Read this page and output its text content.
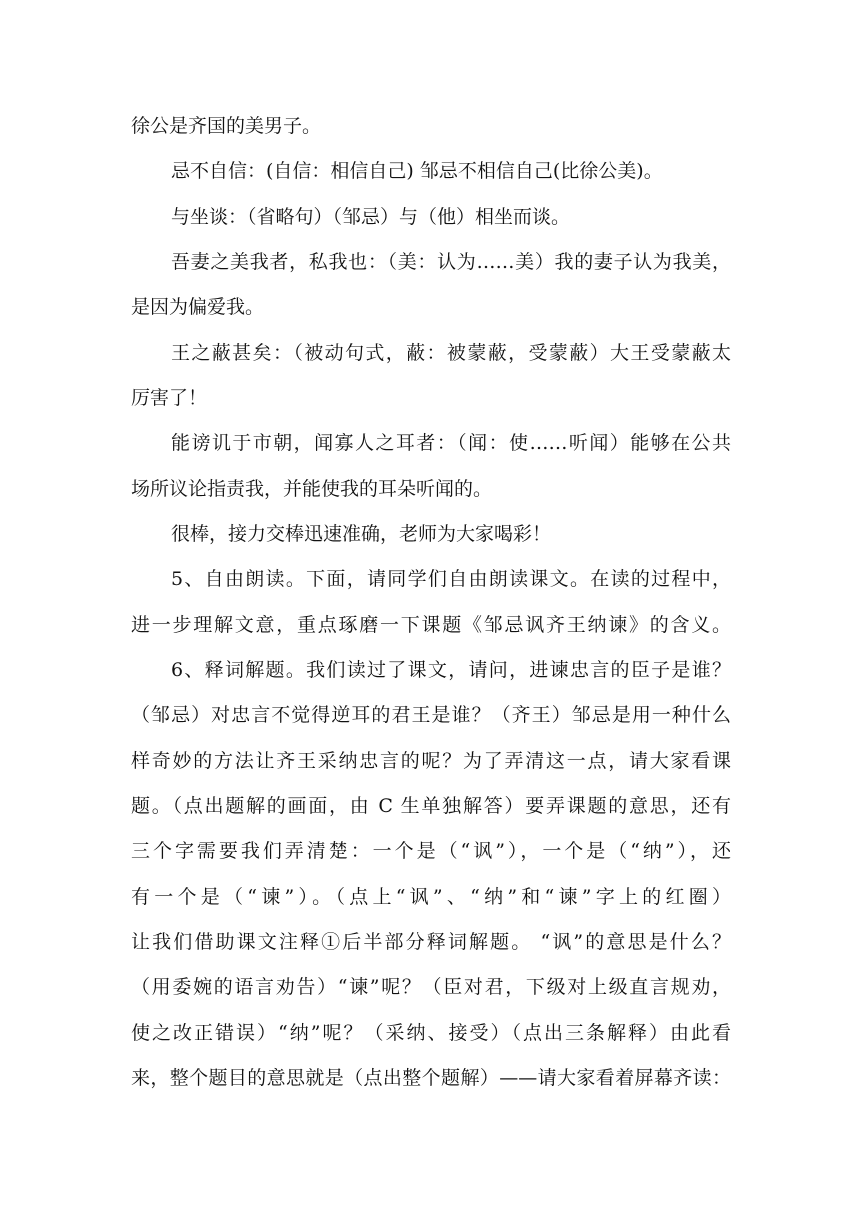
徐公是齐国的美男子。

忌不自信：(自信：相信自己) 邹忌不相信自己(比徐公美)。

与坐谈：（省略句）（邹忌）与（他）相坐而谈。

吾妻之美我者，私我也：（美：认为……美）我的妻子认为我美，

是因为偏爱我。

王之蔽甚矣：（被动句式，蔽：被蒙蔽，受蒙蔽）大王受蒙蔽太

厉害了！

能谤讥于市朝，闻寡人之耳者：（闻：使……听闻）能够在公共

场所议论指责我，并能使我的耳朵听闻的。

很棒，接力交棒迅速准确，老师为大家喝彩！

5、自由朗读。下面，请同学们自由朗读课文。在读的过程中，

进一步理解文意，重点琢磨一下课题《邹忌讽齐王纳谏》的含义。

6、释词解题。我们读过了课文，请问，进谏忠言的臣子是谁？

（邹忌）对忠言不觉得逆耳的君王是谁？（齐王）邹忌是用一种什么

样奇妙的方法让齐王采纳忠言的呢？为了弄清这一点，请大家看课

题。（点出题解的画面，由 C 生单独解答）要弄课题的意思，还有

三个字需要我们弄清楚：一个是（“讽”），一个是（“纳”），还

有一个是（“谏”）。（点上“讽”、“纳”和“谏”字上的红圈）

让我们借助课文注释①后半部分释词解题。 “讽”的意思是什么？

（用委婉的语言劝告）“谏”呢？（臣对君，下级对上级直言规劝，

使之改正错误）“纳”呢？（采纳、接受）（点出三条解释）由此看

来，整个题目的意思就是（点出整个题解）——请大家看着屏幕齐读：
